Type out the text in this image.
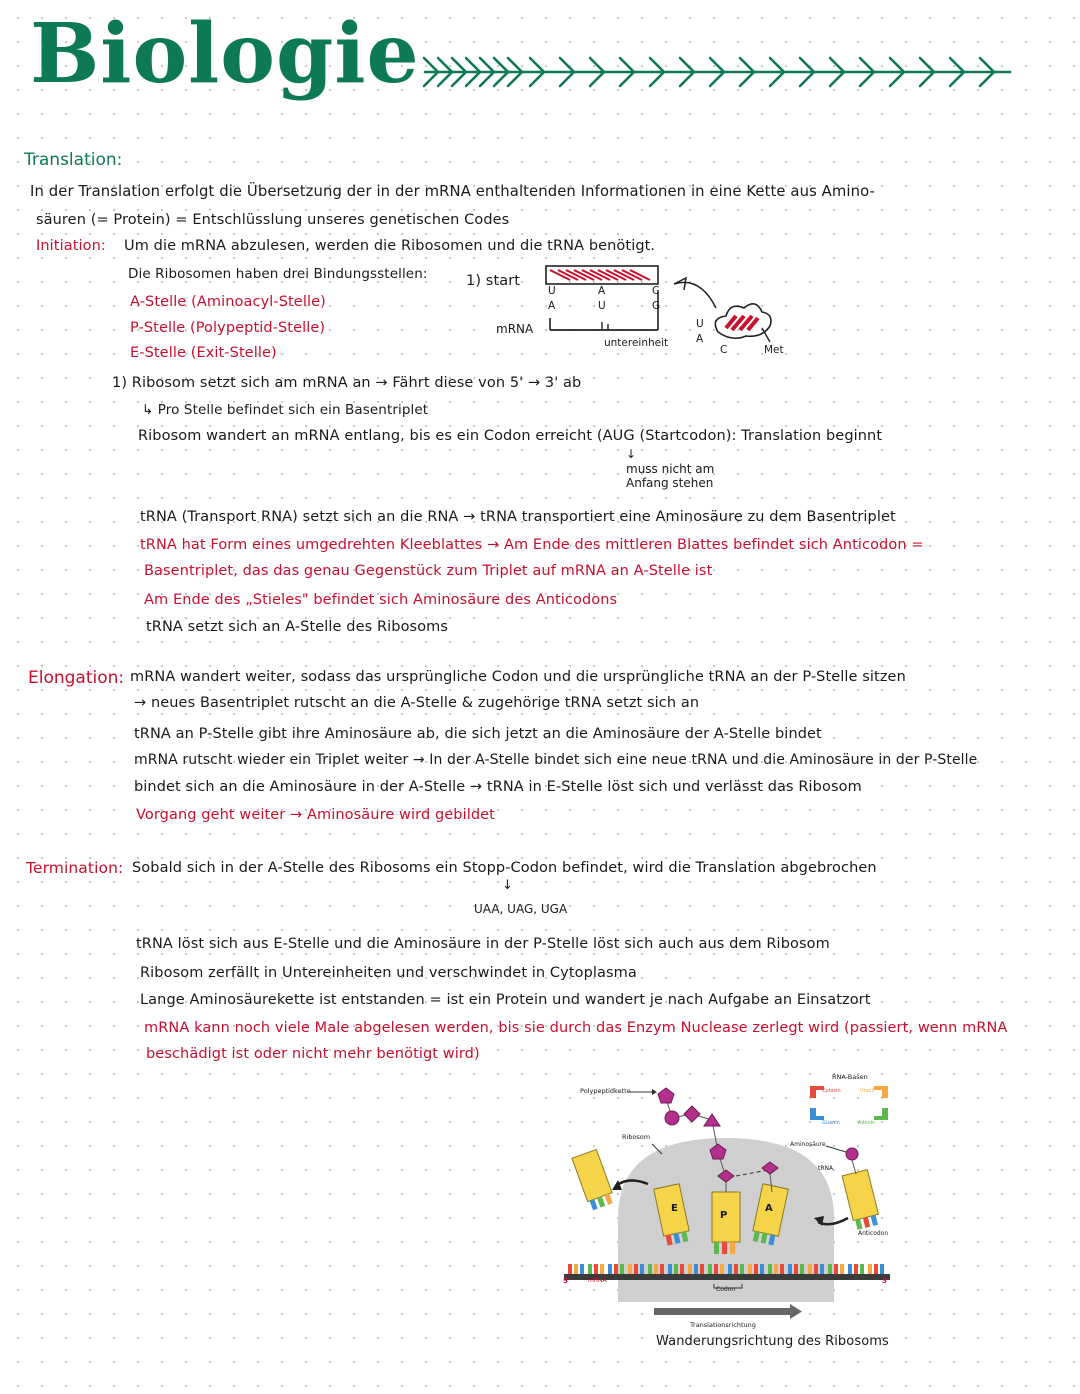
Biologie
Translation:
In der Translation erfolgt die Übersetzung der in der mRNA enthaltenden Informationen in eine Kette aus Amino-
säuren (= Protein) = Entschlüsslung unseres genetischen Codes
Initiation: Um die mRNA abzulesen, werden die Ribosomen und die tRNA benötigt.
Die Ribosomen haben drei Bindungsstellen:
A-Stelle (Aminoacyl-Stelle)
P-Stelle (Polypeptid-Stelle)
E-Stelle (Exit-Stelle)
1) start
U	A	C
A	U	G
mRNA
untereinheit
U
A
C	Met
1) Ribosom setzt sich am mRNA an → Fährt diese von 5' → 3' ab
↳ Pro Stelle befindet sich ein Basentriplet
Ribosom wandert an mRNA entlang, bis es ein Codon erreicht (AUG (Startcodon): Translation beginnt
↓
muss nicht am
Anfang stehen
tRNA (Transport RNA) setzt sich an die RNA → tRNA transportiert eine Aminosäure zu dem Basentriplet
tRNA hat Form eines umgedrehten Kleeblattes → Am Ende des mittleren Blattes befindet sich Anticodon =
Basentriplet, das das genau Gegenstück zum Triplet auf mRNA an A-Stelle ist
Am Ende des „Stieles" befindet sich Aminosäure des Anticodons
tRNA setzt sich an A-Stelle des Ribosoms
Elongation: mRNA wandert weiter, sodass das ursprüngliche Codon und die ursprüngliche tRNA an der P-Stelle sitzen
→ neues Basentriplet rutscht an die A-Stelle & zugehörige tRNA setzt sich an
tRNA an P-Stelle gibt ihre Aminosäure ab, die sich jetzt an die Aminosäure der A-Stelle bindet
mRNA rutscht wieder ein Triplet weiter → In der A-Stelle bindet sich eine neue tRNA und die Aminosäure in der P-Stelle
bindet sich an die Aminosäure in der A-Stelle → tRNA in E-Stelle löst sich und verlässt das Ribosom
Vorgang geht weiter → Aminosäure wird gebildet
Termination: Sobald sich in der A-Stelle des Ribosoms ein Stopp-Codon befindet, wird die Translation abgebrochen
↓
UAA, UAG, UGA
tRNA löst sich aus E-Stelle und die Aminosäure in der P-Stelle löst sich auch aus dem Ribosom
Ribosom zerfällt in Untereinheiten und verschwindet in Cytoplasma
Lange Aminosäurekette ist entstanden = ist ein Protein und wandert je nach Aufgabe an Einsatzort
mRNA kann noch viele Male abgelesen werden, bis sie durch das Enzym Nuclease zerlegt wird (passiert, wenn mRNA
beschädigt ist oder nicht mehr benötigt wird)
Polypeptidkette
Ribosom
RNA-Basen
Cytosin	Uracil
Guanin	Adenin
Aminosäure
tRNA
Anticodon
E
P
A
5'	mRNA	3'
Codon
Translationsrichtung
Wanderungsrichtung des Ribosoms
